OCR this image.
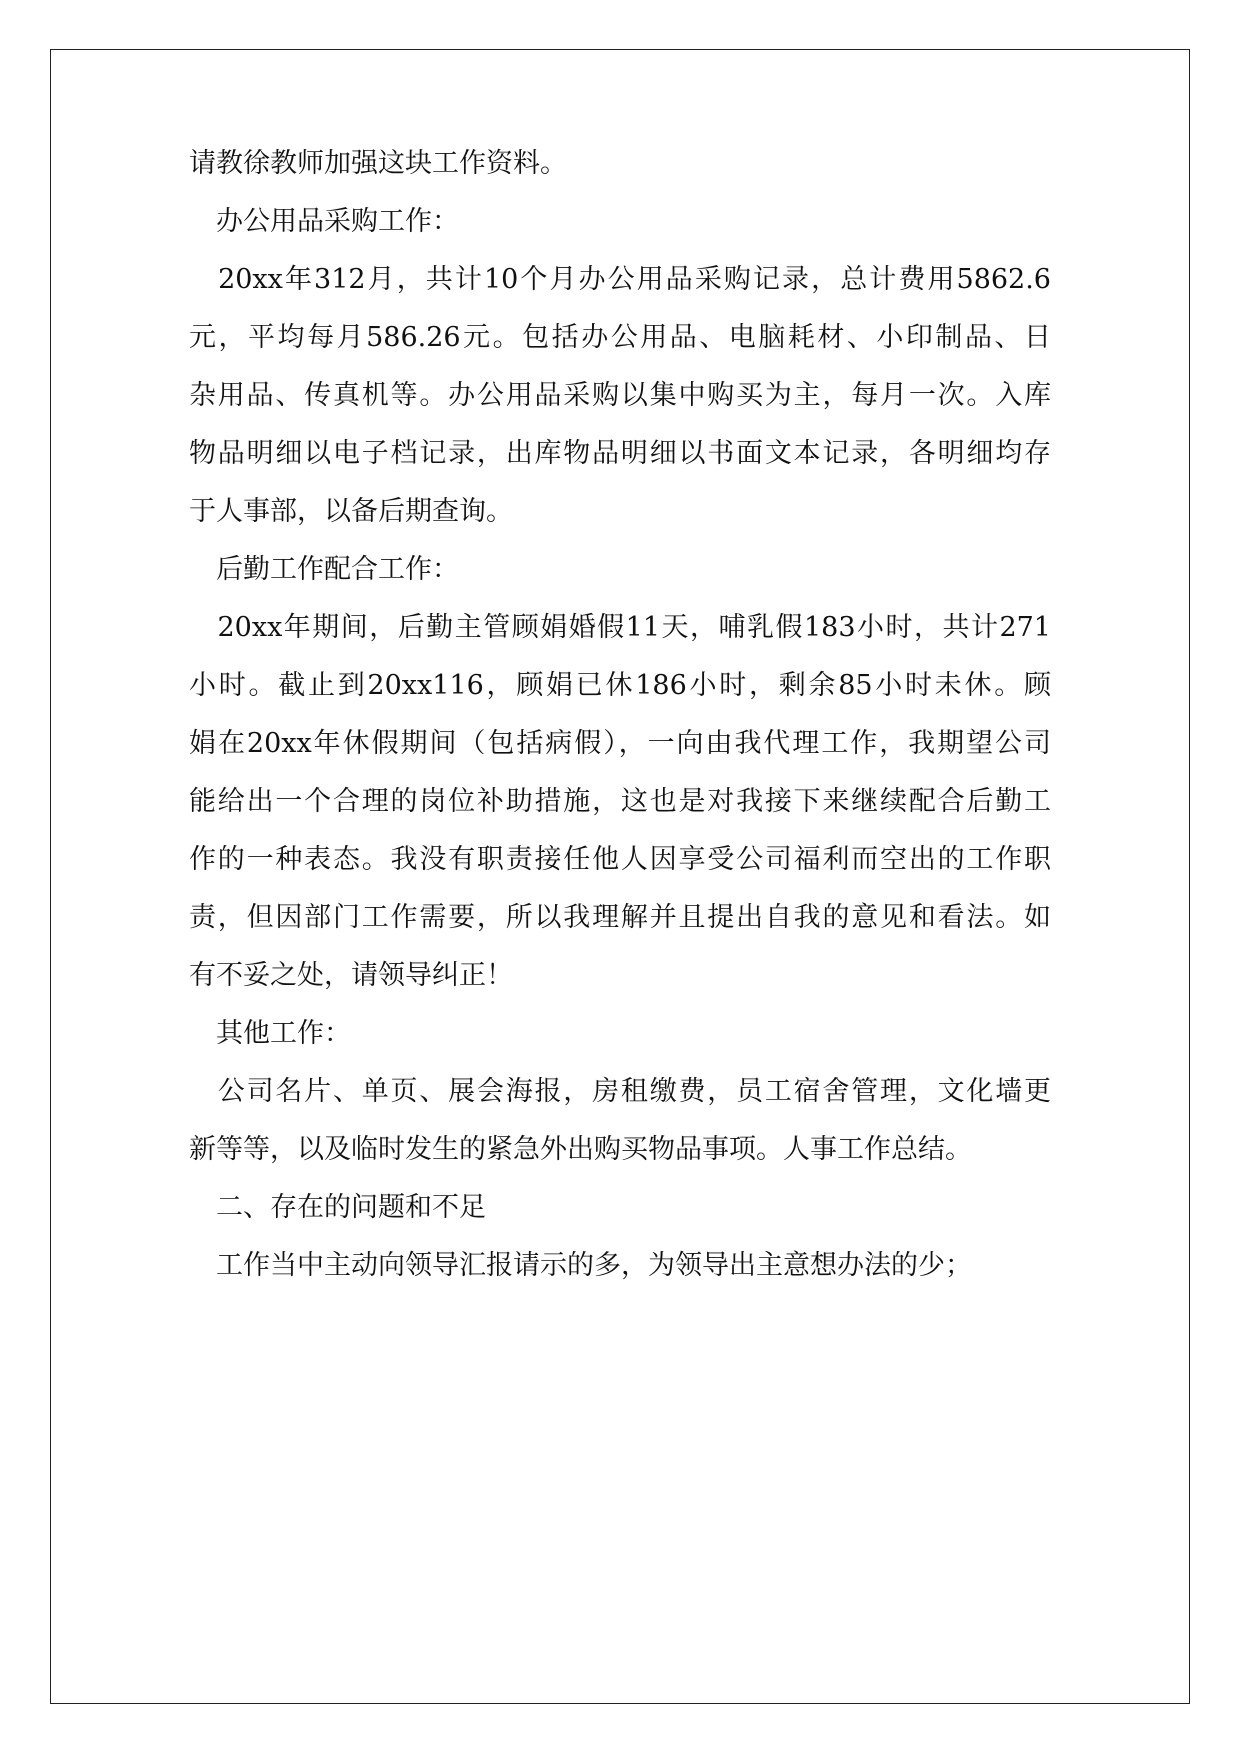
请教徐教师加强这块工作资料。
　办公用品采购工作：
　20xx年312月，共计10个月办公用品采购记录，总计费用5862.6
元，平均每月586.26元。包括办公用品、电脑耗材、小印制品、日
杂用品、传真机等。办公用品采购以集中购买为主，每月一次。入库
物品明细以电子档记录，出库物品明细以书面文本记录，各明细均存
于人事部，以备后期查询。
　后勤工作配合工作：
　20xx年期间，后勤主管顾娟婚假11天，哺乳假183小时，共计271
小时。截止到20xx116，顾娟已休186小时，剩余85小时未休。顾
娟在20xx年休假期间（包括病假），一向由我代理工作，我期望公司
能给出一个合理的岗位补助措施，这也是对我接下来继续配合后勤工
作的一种表态。我没有职责接任他人因享受公司福利而空出的工作职
责，但因部门工作需要，所以我理解并且提出自我的意见和看法。如
有不妥之处，请领导纠正！
　其他工作：
　公司名片、单页、展会海报，房租缴费，员工宿舍管理，文化墙更
新等等，以及临时发生的紧急外出购买物品事项。人事工作总结。
　二、存在的问题和不足
　工作当中主动向领导汇报请示的多，为领导出主意想办法的少；
